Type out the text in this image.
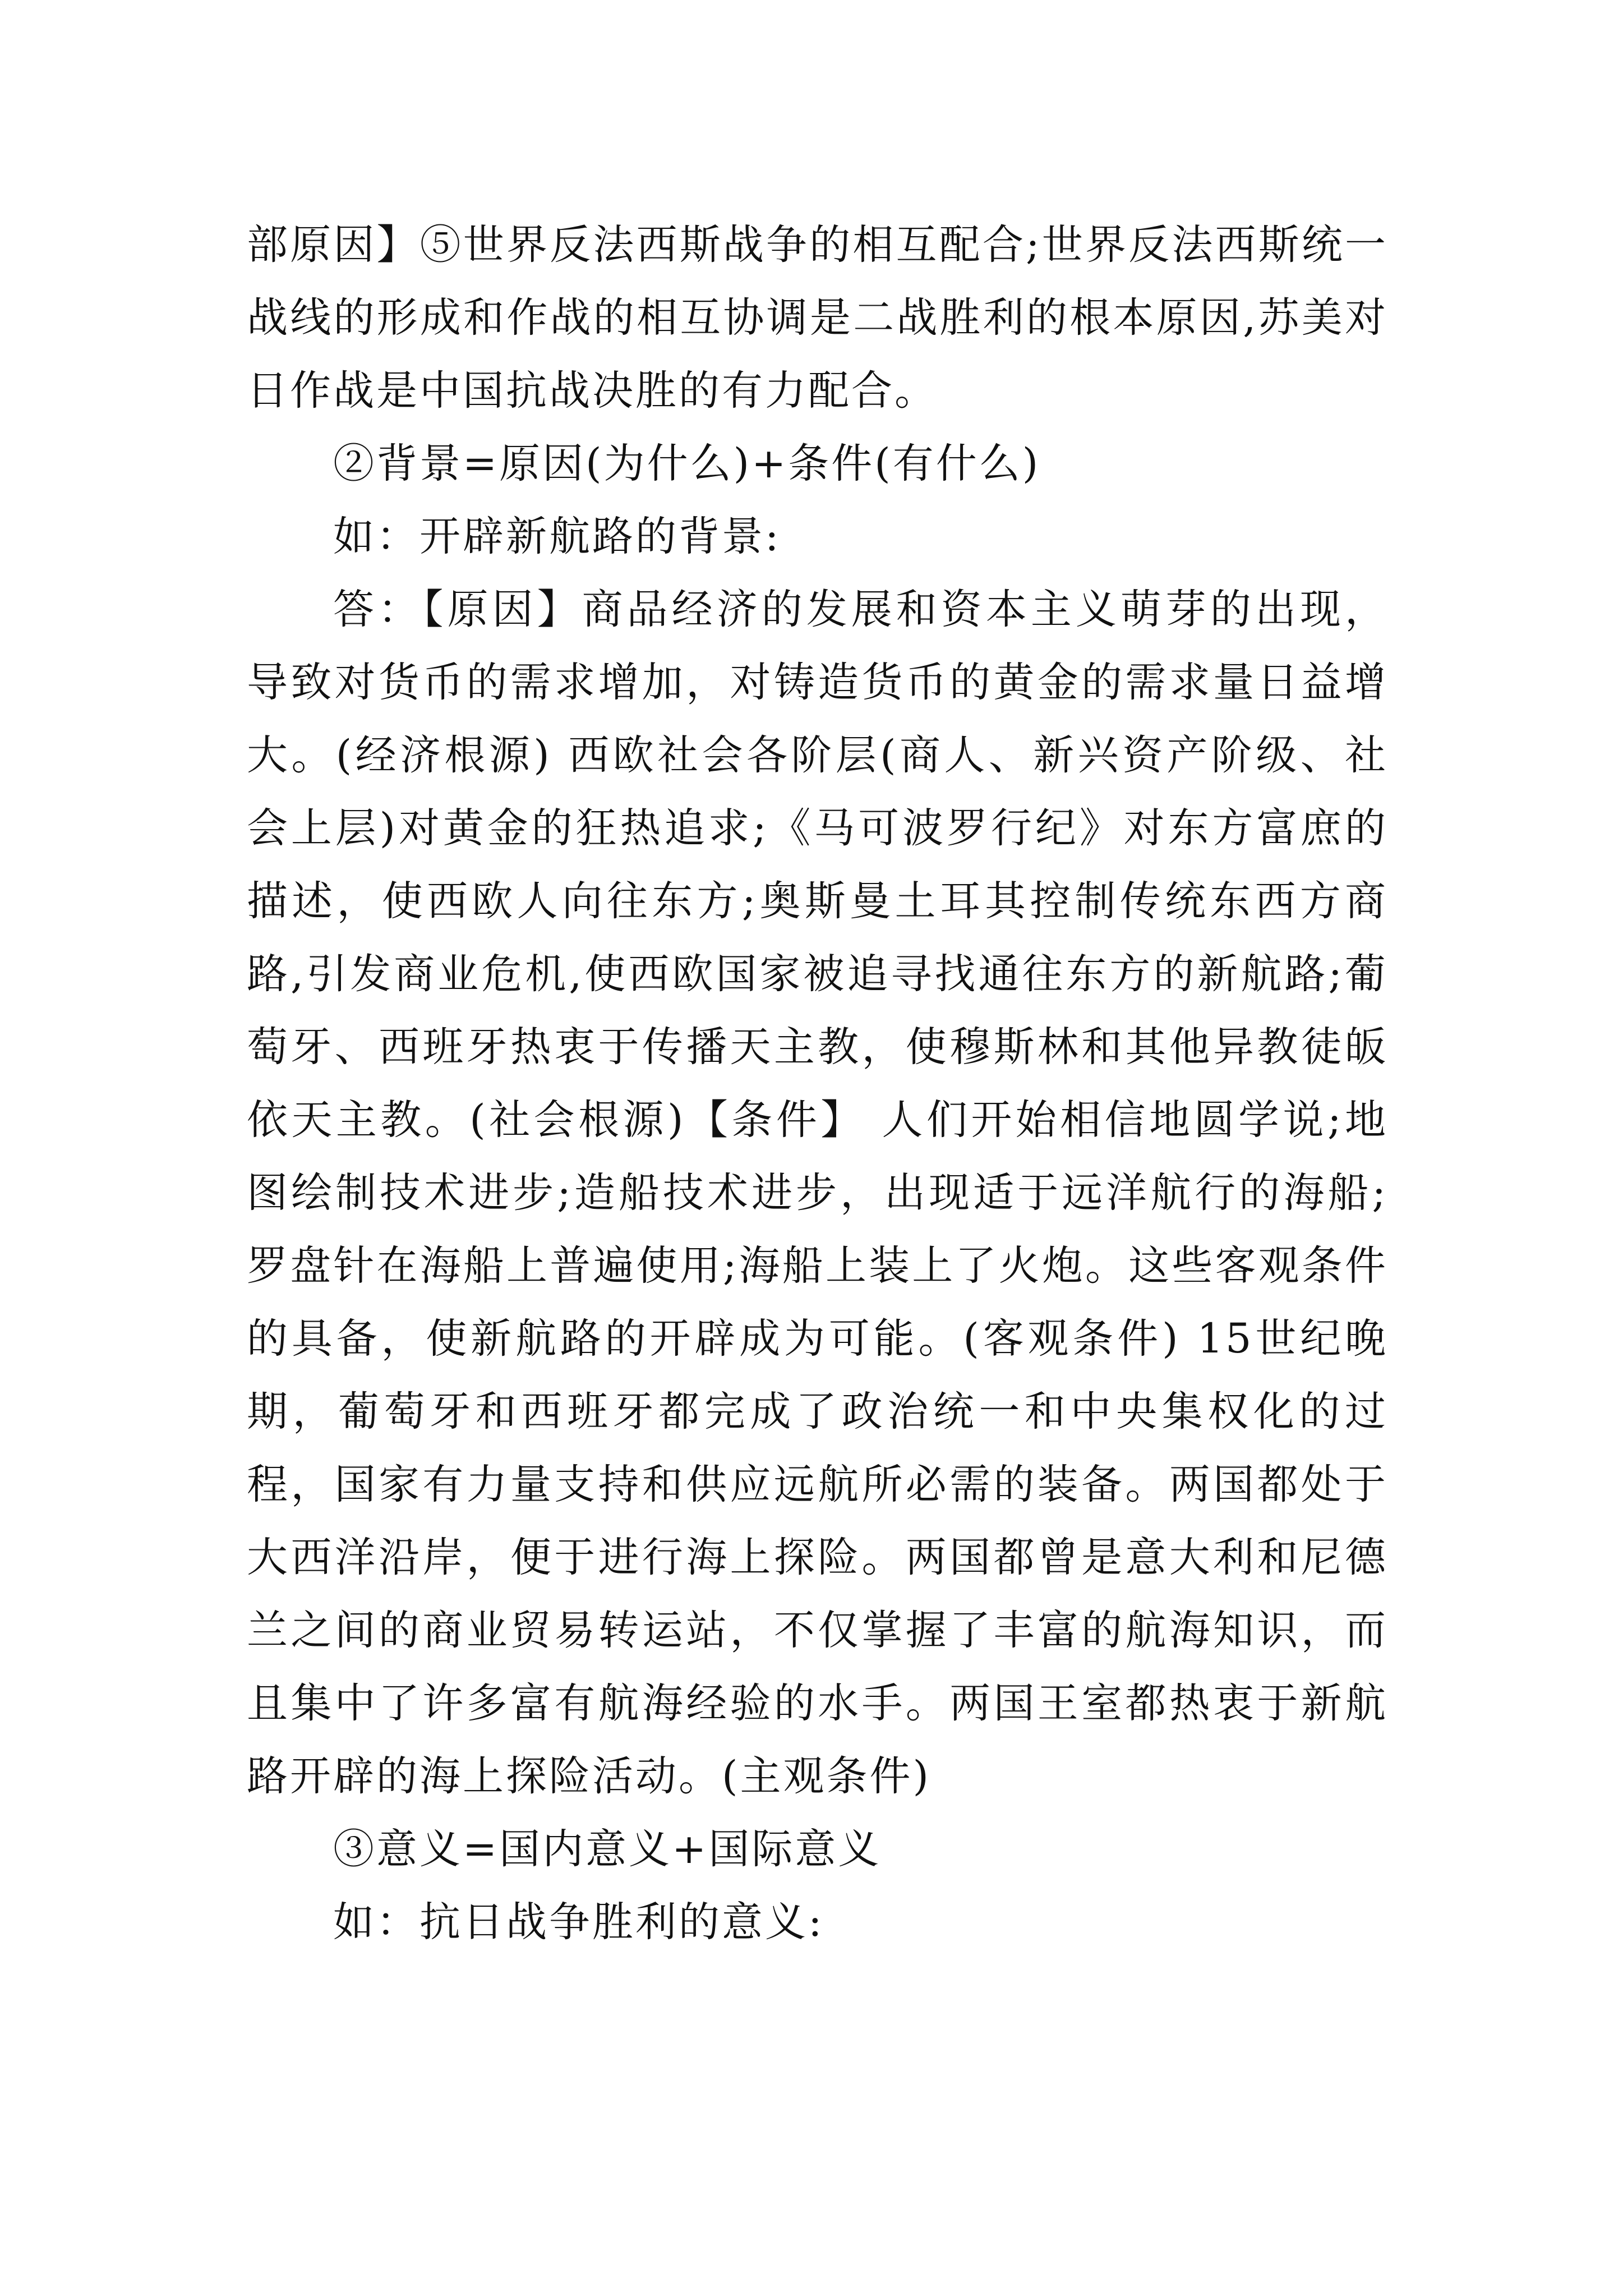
部原因】⑤世界反法西斯战争的相互配合;世界反法西斯统一战线的形成和作战的相互协调是二战胜利的根本原因,苏美对日作战是中国抗战决胜的有力配合。

②背景=原因(为什么)+条件(有什么)

如：开辟新航路的背景:

答：【原因】商品经济的发展和资本主义萌芽的出现，导致对货币的需求增加，对铸造货币的黄金的需求量日益增大。(经济根源) 西欧社会各阶层(商人、新兴资产阶级、社会上层)对黄金的狂热追求;《马可波罗行纪》对东方富庶的描述，使西欧人向往东方;奥斯曼土耳其控制传统东西方商路,引发商业危机,使西欧国家被追寻找通往东方的新航路;葡萄牙、西班牙热衷于传播天主教，使穆斯林和其他异教徒皈依天主教。(社会根源)【条件】 人们开始相信地圆学说;地图绘制技术进步;造船技术进步，出现适于远洋航行的海船;罗盘针在海船上普遍使用;海船上装上了火炮。这些客观条件的具备，使新航路的开辟成为可能。(客观条件) 15世纪晚期，葡萄牙和西班牙都完成了政治统一和中央集权化的过程，国家有力量支持和供应远航所必需的装备。两国都处于大西洋沿岸，便于进行海上探险。两国都曾是意大利和尼德兰之间的商业贸易转运站，不仅掌握了丰富的航海知识，而且集中了许多富有航海经验的水手。两国王室都热衷于新航路开辟的海上探险活动。(主观条件)

③意义=国内意义+国际意义

如：抗日战争胜利的意义:
